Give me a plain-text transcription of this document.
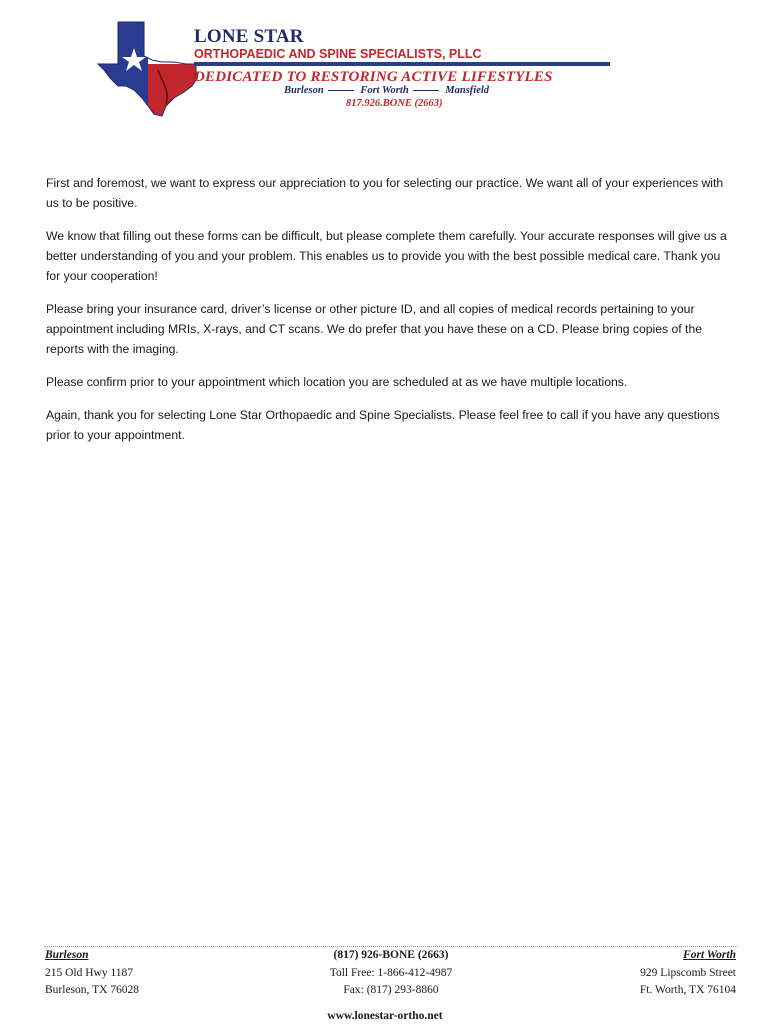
LONE STAR
ORTHOPAEDIC AND SPINE SPECIALISTS, PLLC
DEDICATED TO RESTORING ACTIVE LIFESTYLES
Burleson	Fort Worth	Mansfield
817.926.BONE (2663)

First and foremost, we want to express our appreciation to you for selecting our practice. We want all of your experiences with us to be positive.

We know that filling out these forms can be difficult, but please complete them carefully. Your accurate responses will give us a better understanding of you and your problem. This enables us to provide you with the best possible medical care. Thank you for your cooperation!

Please bring your insurance card, driver’s license or other picture ID, and all copies of medical records pertaining to your appointment including MRIs, X-rays, and CT scans. We do prefer that you have these on a CD. Please bring copies of the reports with the imaging.

Please confirm prior to your appointment which location you are scheduled at as we have multiple locations.

Again, thank you for selecting Lone Star Orthopaedic and Spine Specialists. Please feel free to call if you have any questions prior to your appointment.

Burleson
215 Old Hwy 1187
Burleson, TX 76028
(817) 926-BONE (2663)
Toll Free: 1-866-412-4987
Fax: (817) 293-8860
Fort Worth
929 Lipscomb Street
Ft. Worth, TX 76104
www.lonestar-ortho.net
